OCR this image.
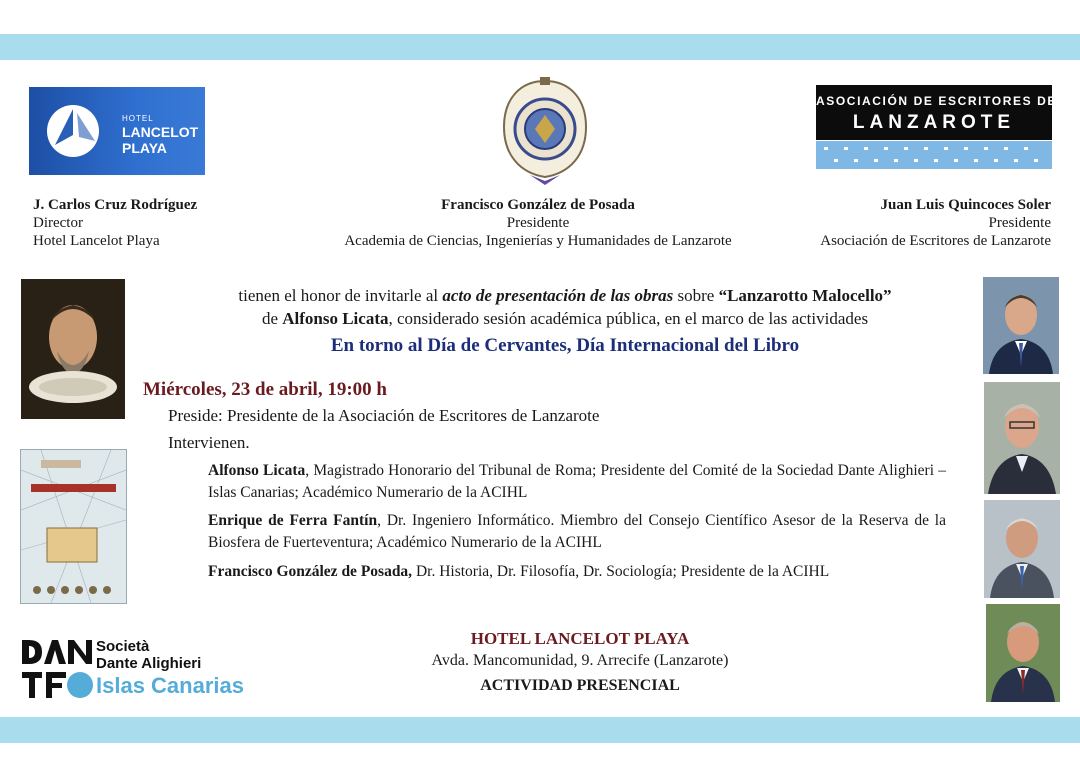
HOTEL
LANCELOT
PLAYA
ASOCIACIÓN DE ESCRITORES DE
LANZAROTE
J. Carlos Cruz Rodríguez
Director
Hotel Lancelot Playa
Francisco González de Posada
Presidente
Academia de Ciencias, Ingenierías y Humanidades de Lanzarote
Juan Luis Quincoces Soler
Presidente
Asociación de Escritores de Lanzarote
tienen el honor de invitarle al acto de presentación de las obras sobre “Lanzarotto Malocello”
de Alfonso Licata, considerado sesión académica pública, en el marco de las actividades
En torno al Día de Cervantes, Día Internacional del Libro
Miércoles, 23 de abril, 19:00 h
Preside: Presidente de la Asociación de Escritores de Lanzarote
Intervienen.
Alfonso Licata, Magistrado Honorario del Tribunal de Roma; Presidente del Comité de la Sociedad Dante Alighieri – Islas Canarias; Académico Numerario de la ACIHL
Enrique de Ferra Fantín, Dr. Ingeniero Informático. Miembro del Consejo Científico Asesor de la Reserva de la Biosfera de Fuerteventura; Académico Numerario de la ACIHL
Francisco González de Posada, Dr. Historia, Dr. Filosofía, Dr. Sociología; Presidente de la ACIHL
Società
Dante Alighieri
Islas Canarias
HOTEL LANCELOT PLAYA
Avda. Mancomunidad, 9. Arrecife (Lanzarote)
ACTIVIDAD PRESENCIAL
